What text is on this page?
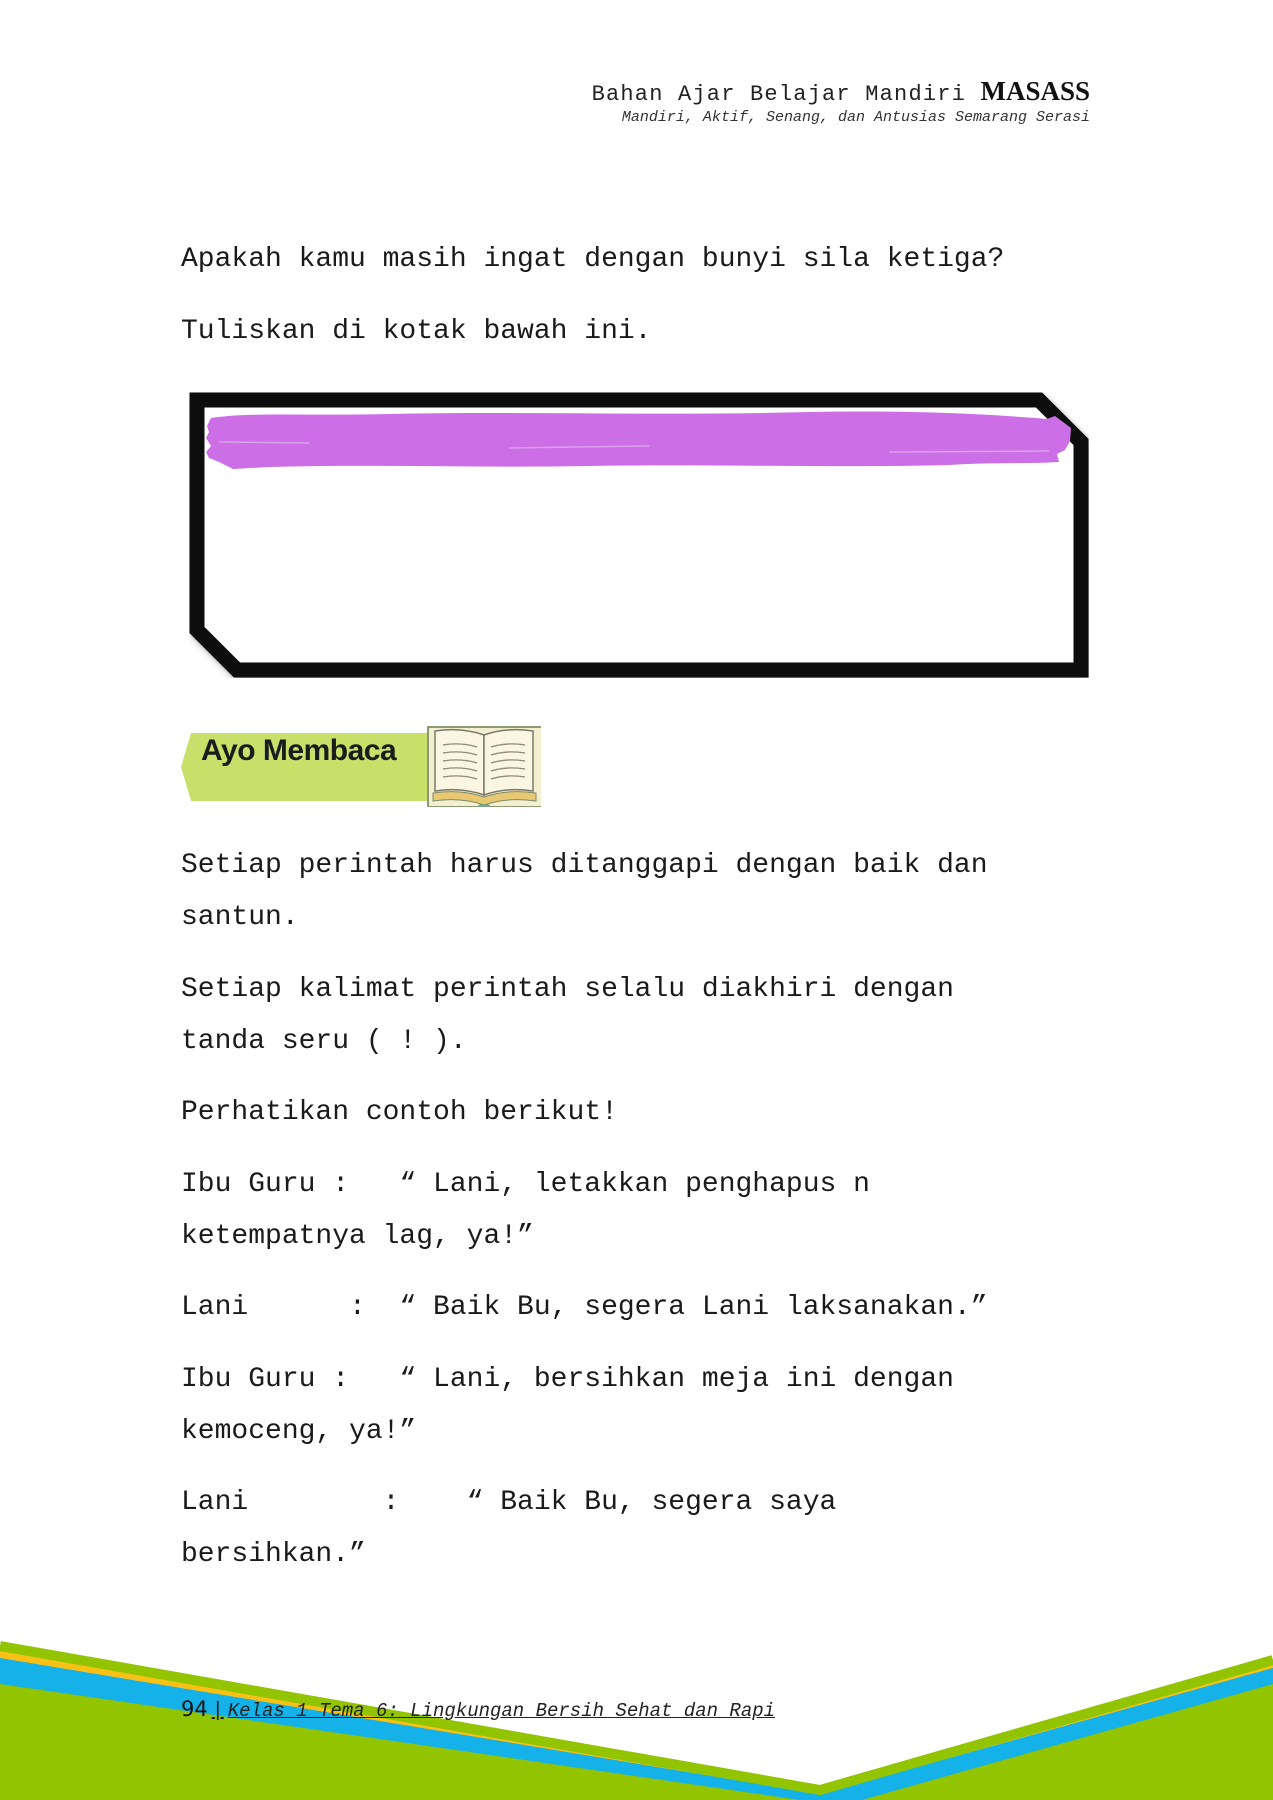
Bahan Ajar Belajar Mandiri MASASS
Mandiri, Aktif, Senang, dan Antusias Semarang Serasi

Apakah kamu masih ingat dengan bunyi sila ketiga?

Tuliskan di kotak bawah ini.

Ayo Membaca

Setiap perintah harus ditanggapi dengan baik dan
santun.

Setiap kalimat perintah selalu diakhiri dengan
tanda seru ( ! ).

Perhatikan contoh berikut!

Ibu Guru :   “ Lani, letakkan penghapus n
ketempatnya lag, ya!”

Lani      :  “ Baik Bu, segera Lani laksanakan.”

Ibu Guru :   “ Lani, bersihkan meja ini dengan
kemoceng, ya!”

Lani        :    “ Baik Bu, segera saya
bersihkan.”

94 | Kelas 1 Tema 6: Lingkungan Bersih Sehat dan Rapi
